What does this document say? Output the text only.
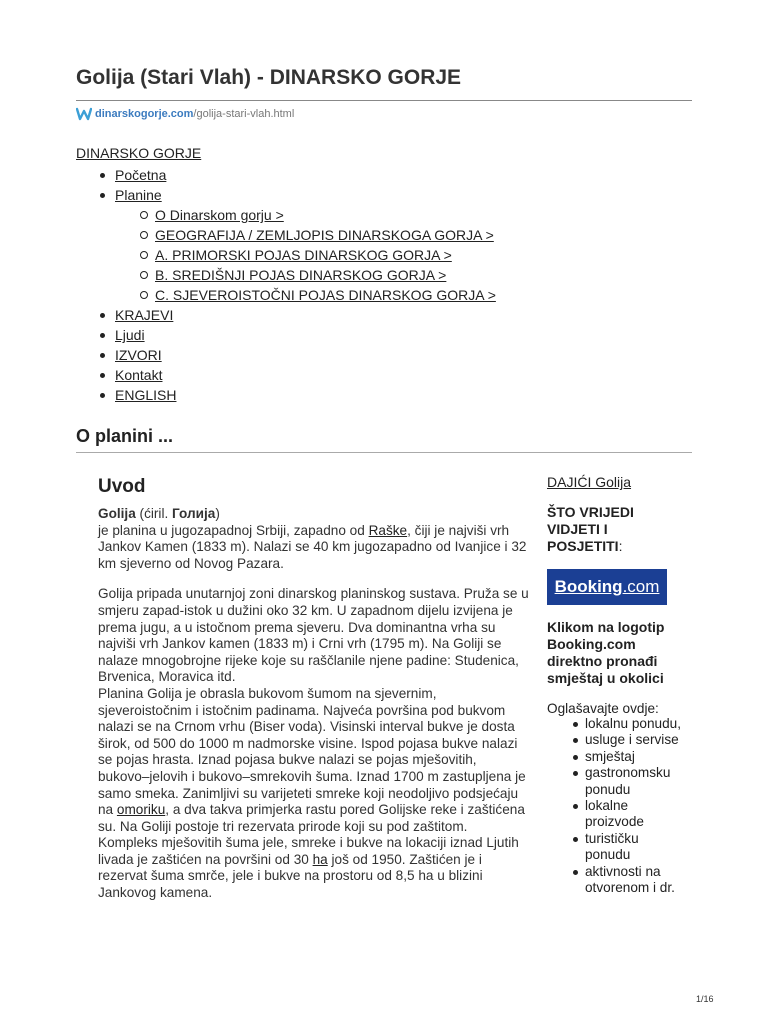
Golija (Stari Vlah) - DINARSKO GORJE
dinarskogorje.com /golija-stari-vlah.html
DINARSKO GORJE
Početna
Planine
O Dinarskom gorju >
GEOGRAFIJA / ZEMLJOPIS DINARSKOGA GORJA >
A. PRIMORSKI POJAS DINARSKOG GORJA >
B. SREDIŠNJI POJAS DINARSKOG GORJA >
C. SJEVEROISTOČNI POJAS DINARSKOG GORJA >
KRAJEVI
Ljudi
IZVORI
Kontakt
ENGLISH
O planini ...
Uvod

Golija (ćiril. Голија)
je planina u jugozapadnoj Srbiji, zapadno od Raške, čiji je najviši vrh Jankov Kamen (1833 m). Nalazi se 40 km jugozapadno od Ivanjice i 32 km sjeverno od Novog Pazara.

Golija pripada unutarnjoj zoni dinarskog planinskog sustava. Pruža se u smjeru zapad-istok u dužini oko 32 km. U zapadnom dijelu izvijena je prema jugu, a u istočnom prema sjeveru. Dva dominantna vrha su najviši vrh Jankov kamen (1833 m) i Crni vrh (1795 m). Na Goliji se nalaze mnogobrojne rijeke koje su raščlanile njene padine: Studenica, Brvenica, Moravica itd.

Planina Golija je obrasla bukovom šumom na sjevernim, sjeveroistočnim i istočnim padinama. Najveća površina pod bukvom nalazi se na Crnom vrhu (Biser voda). Visinski interval bukve je dosta širok, od 500 do 1000 m nadmorske visine. Ispod pojasa bukve nalazi se pojas hrasta. Iznad pojasa bukve nalazi se pojas mješovitih, bukovo–jelovih i bukovo–smrekovih šuma. Iznad 1700 m zastupljena je samo smeka. Zanimljivi su varijeteti smreke koji neodoljivo podsjećaju na omoriku, a dva takva primjerka rastu pored Golijske reke i zaštićena su. Na Goliji postoje tri rezervata prirode koji su pod zaštitom. Kompleks mješovitih šuma jele, smreke i bukve na lokaciji iznad Ljutih livada je zaštićen na površini od 30 ha još od 1950. Zaštićen je i rezervat šuma smrče, jele i bukve na prostoru od 8,5 ha u blizini Jankovog kamena.

DAJIĆI Golija
ŠTO VRIJEDI VIDJETI I POSJETITI:
Booking.com
Klikom na logotip Booking.com direktno pronađi smještaj u okolici
Oglašavajte ovdje:
lokalnu ponudu,
usluge i servise
smještaj
gastronomsku ponudu
lokalne proizvode
turističku ponudu
aktivnosti na otvorenom i dr.
1/16
